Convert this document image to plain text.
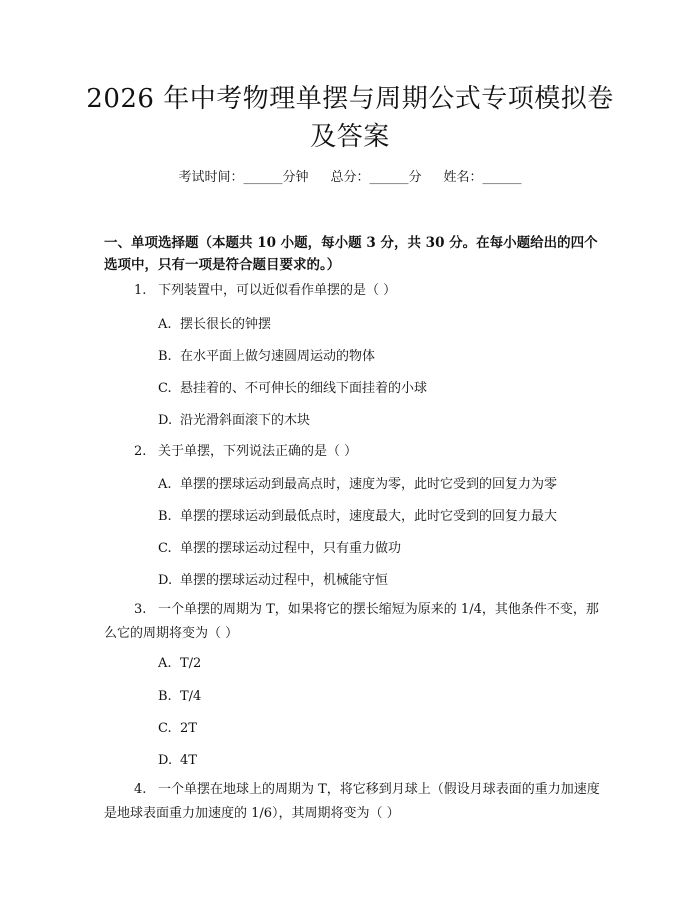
2026 年中考物理单摆与周期公式专项模拟卷及答案
考试时间：______分钟 总分：______分 姓名：______
一、单项选择题（本题共 10 小题，每小题 3 分，共 30 分。在每小题给出的四个选项中，只有一项是符合题目要求的。）
1. 下列装置中，可以近似看作单摆的是（ ）
A. 摆长很长的钟摆
B. 在水平面上做匀速圆周运动的物体
C. 悬挂着的、不可伸长的细线下面挂着的小球
D. 沿光滑斜面滚下的木块
2. 关于单摆，下列说法正确的是（ ）
A. 单摆的摆球运动到最高点时，速度为零，此时它受到的回复力为零
B. 单摆的摆球运动到最低点时，速度最大，此时它受到的回复力最大
C. 单摆的摆球运动过程中，只有重力做功
D. 单摆的摆球运动过程中，机械能守恒
3. 一个单摆的周期为 T，如果将它的摆长缩短为原来的 1/4，其他条件不变，那么它的周期将变为（ ）
A. T/2
B. T/4
C. 2T
D. 4T
4. 一个单摆在地球上的周期为 T，将它移到月球上（假设月球表面的重力加速度是地球表面重力加速度的 1/6），其周期将变为（ ）
